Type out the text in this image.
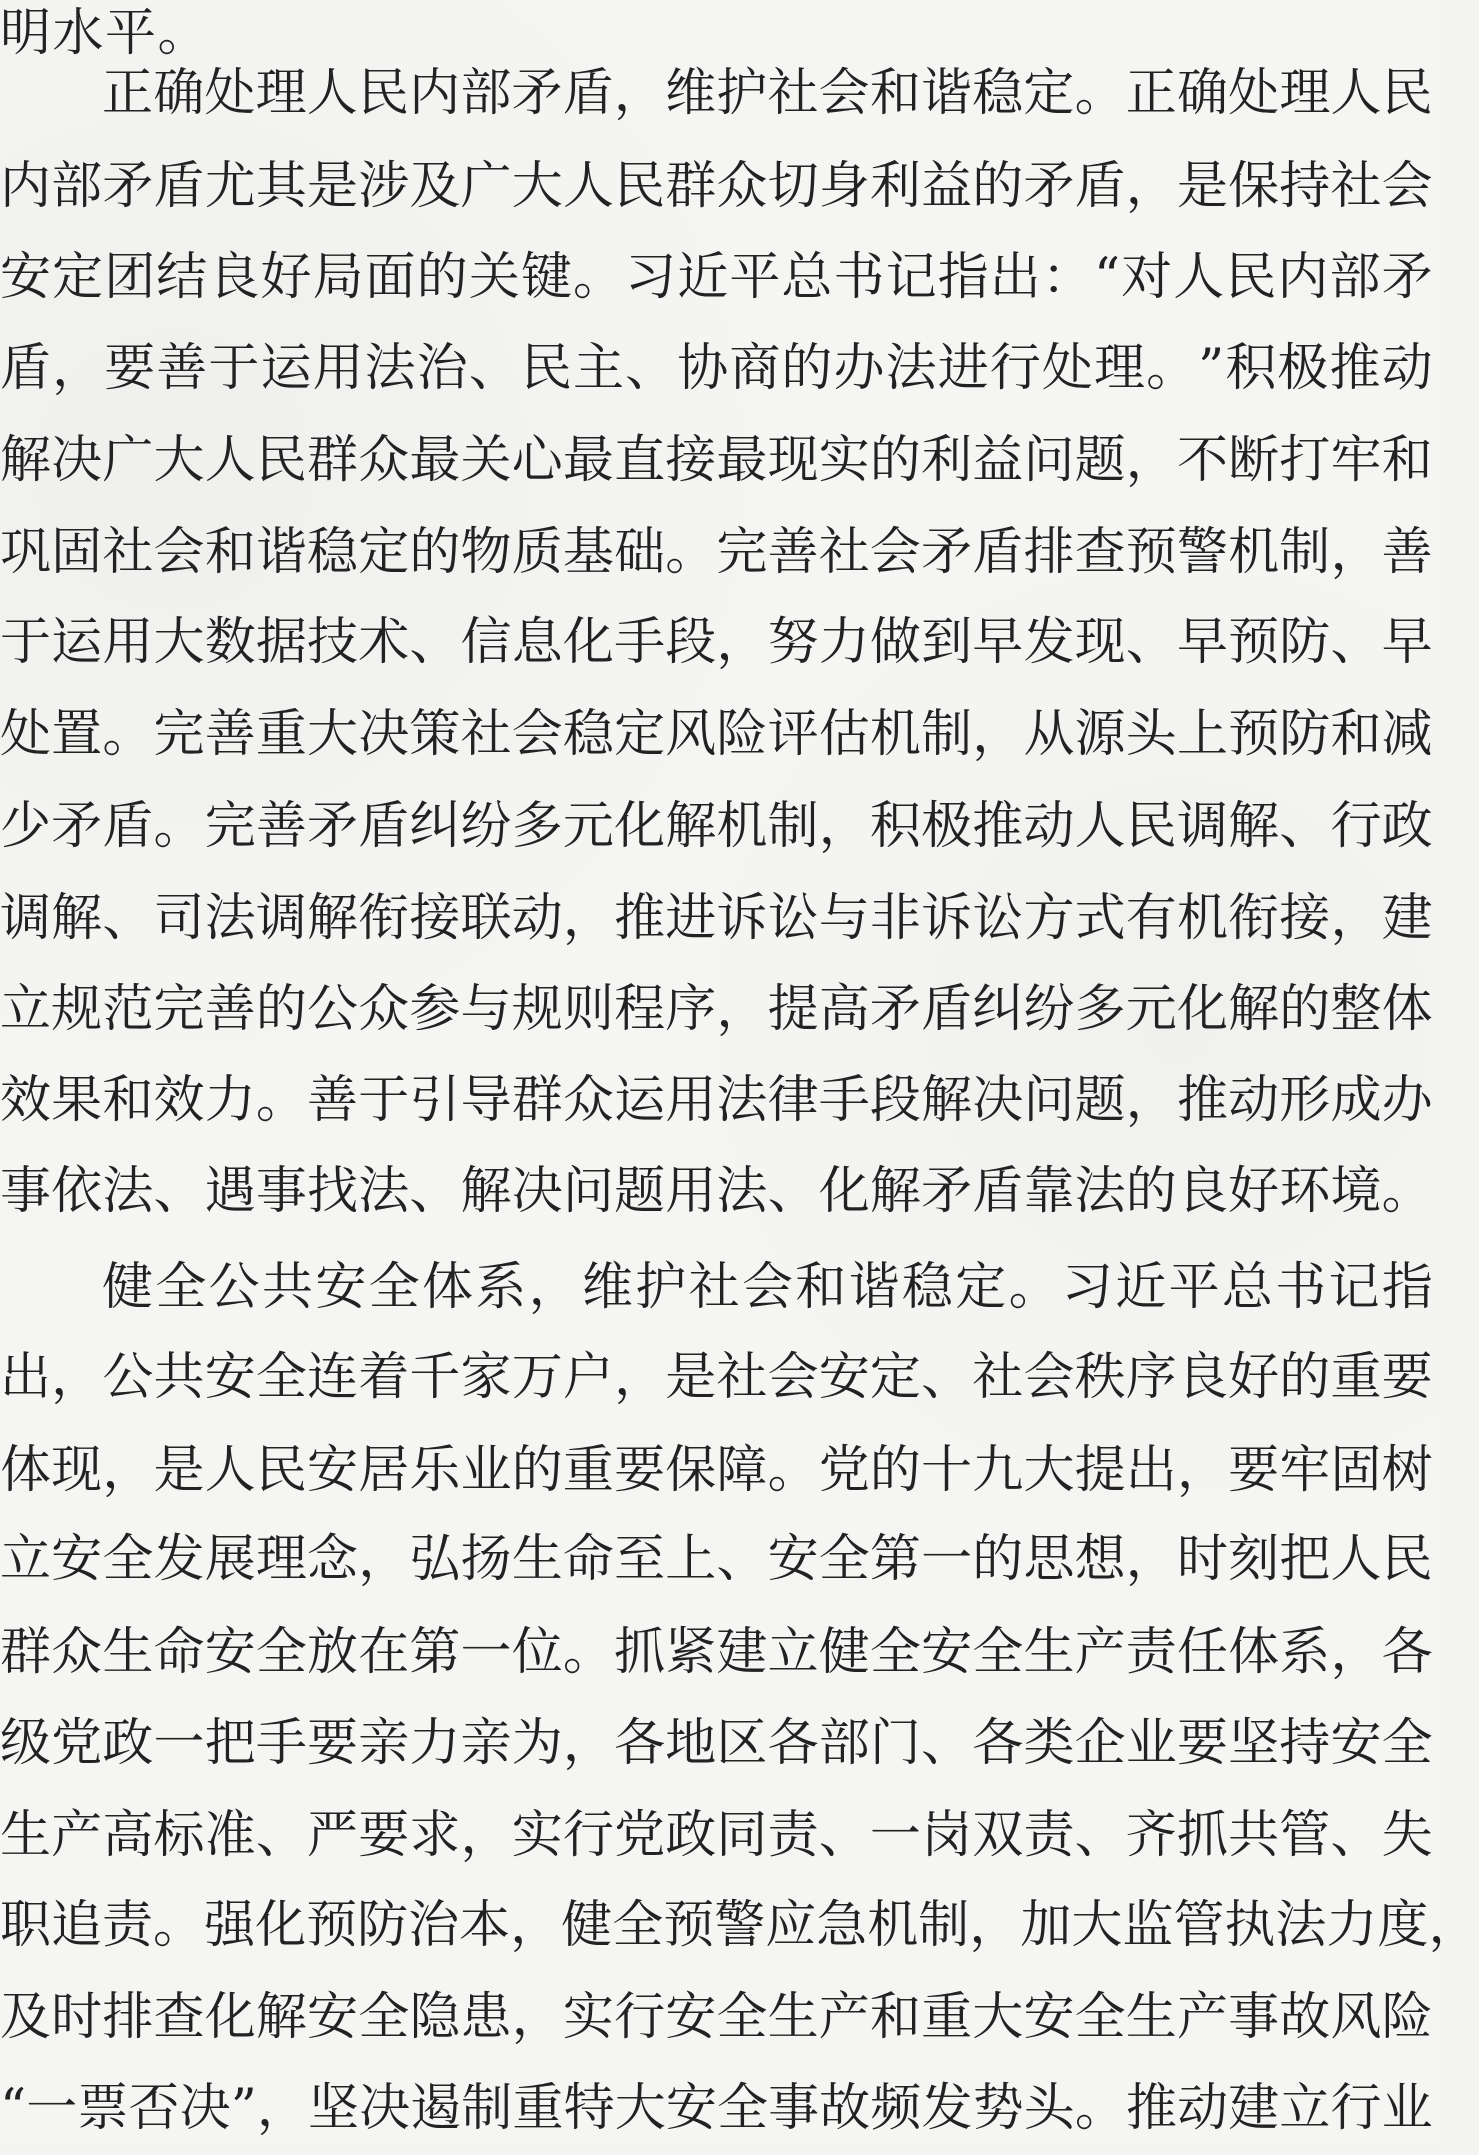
明水平。
正 确 处 理 人 民 内 部 矛 盾 ， 维 护 社 会 和 谐 稳 定 。 正 确 处 理 人 民
内 部 矛 盾 尤 其 是 涉 及 广 大 人 民 群 众 切 身 利 益 的 矛 盾 ， 是 保 持 社 会
安 定 团 结 良 好 局 面 的 关 键 。 习 近 平 总 书 记 指 出 ： “ 对 人 民 内 部 矛
盾 ， 要 善 于 运 用 法 治 、 民 主 、 协 商 的 办 法 进 行 处 理 。 ” 积 极 推 动
解 决 广 大 人 民 群 众 最 关 心 最 直 接 最 现 实 的 利 益 问 题 ， 不 断 打 牢 和
巩 固 社 会 和 谐 稳 定 的 物 质 基 础 。 完 善 社 会 矛 盾 排 查 预 警 机 制 ， 善
于 运 用 大 数 据 技 术 、 信 息 化 手 段 ， 努 力 做 到 早 发 现 、 早 预 防 、 早
处 置 。 完 善 重 大 决 策 社 会 稳 定 风 险 评 估 机 制 ， 从 源 头 上 预 防 和 减
少 矛 盾 。 完 善 矛 盾 纠 纷 多 元 化 解 机 制 ， 积 极 推 动 人 民 调 解 、 行 政
调 解 、 司 法 调 解 衔 接 联 动 ， 推 进 诉 讼 与 非 诉 讼 方 式 有 机 衔 接 ， 建
立 规 范 完 善 的 公 众 参 与 规 则 程 序 ， 提 高 矛 盾 纠 纷 多 元 化 解 的 整 体
效 果 和 效 力 。 善 于 引 导 群 众 运 用 法 律 手 段 解 决 问 题 ， 推 动 形 成 办
事 依 法 、 遇 事 找 法 、 解 决 问 题 用 法 、 化 解 矛 盾 靠 法 的 良 好 环 境 。
健 全 公 共 安 全 体 系 ， 维 护 社 会 和 谐 稳 定 。 习 近 平 总 书 记 指
出 ， 公 共 安 全 连 着 千 家 万 户 ， 是 社 会 安 定 、 社 会 秩 序 良 好 的 重 要
体 现 ， 是 人 民 安 居 乐 业 的 重 要 保 障 。 党 的 十 九 大 提 出 ， 要 牢 固 树
立 安 全 发 展 理 念 ， 弘 扬 生 命 至 上 、 安 全 第 一 的 思 想 ， 时 刻 把 人 民
群 众 生 命 安 全 放 在 第 一 位 。 抓 紧 建 立 健 全 安 全 生 产 责 任 体 系 ， 各
级 党 政 一 把 手 要 亲 力 亲 为 ， 各 地 区 各 部 门 、 各 类 企 业 要 坚 持 安 全
生 产 高 标 准 、 严 要 求 ， 实 行 党 政 同 责 、 一 岗 双 责 、 齐 抓 共 管 、 失
职 追 责 。 强 化 预 防 治 本 ， 健 全 预 警 应 急 机 制 ， 加 大 监 管 执 法 力 度 ，
及 时 排 查 化 解 安 全 隐 患 ， 实 行 安 全 生 产 和 重 大 安 全 生 产 事 故 风 险
“ 一 票 否 决 ” ， 坚 决 遏 制 重 特 大 安 全 事 故 频 发 势 头 。 推 动 建 立 行 业
